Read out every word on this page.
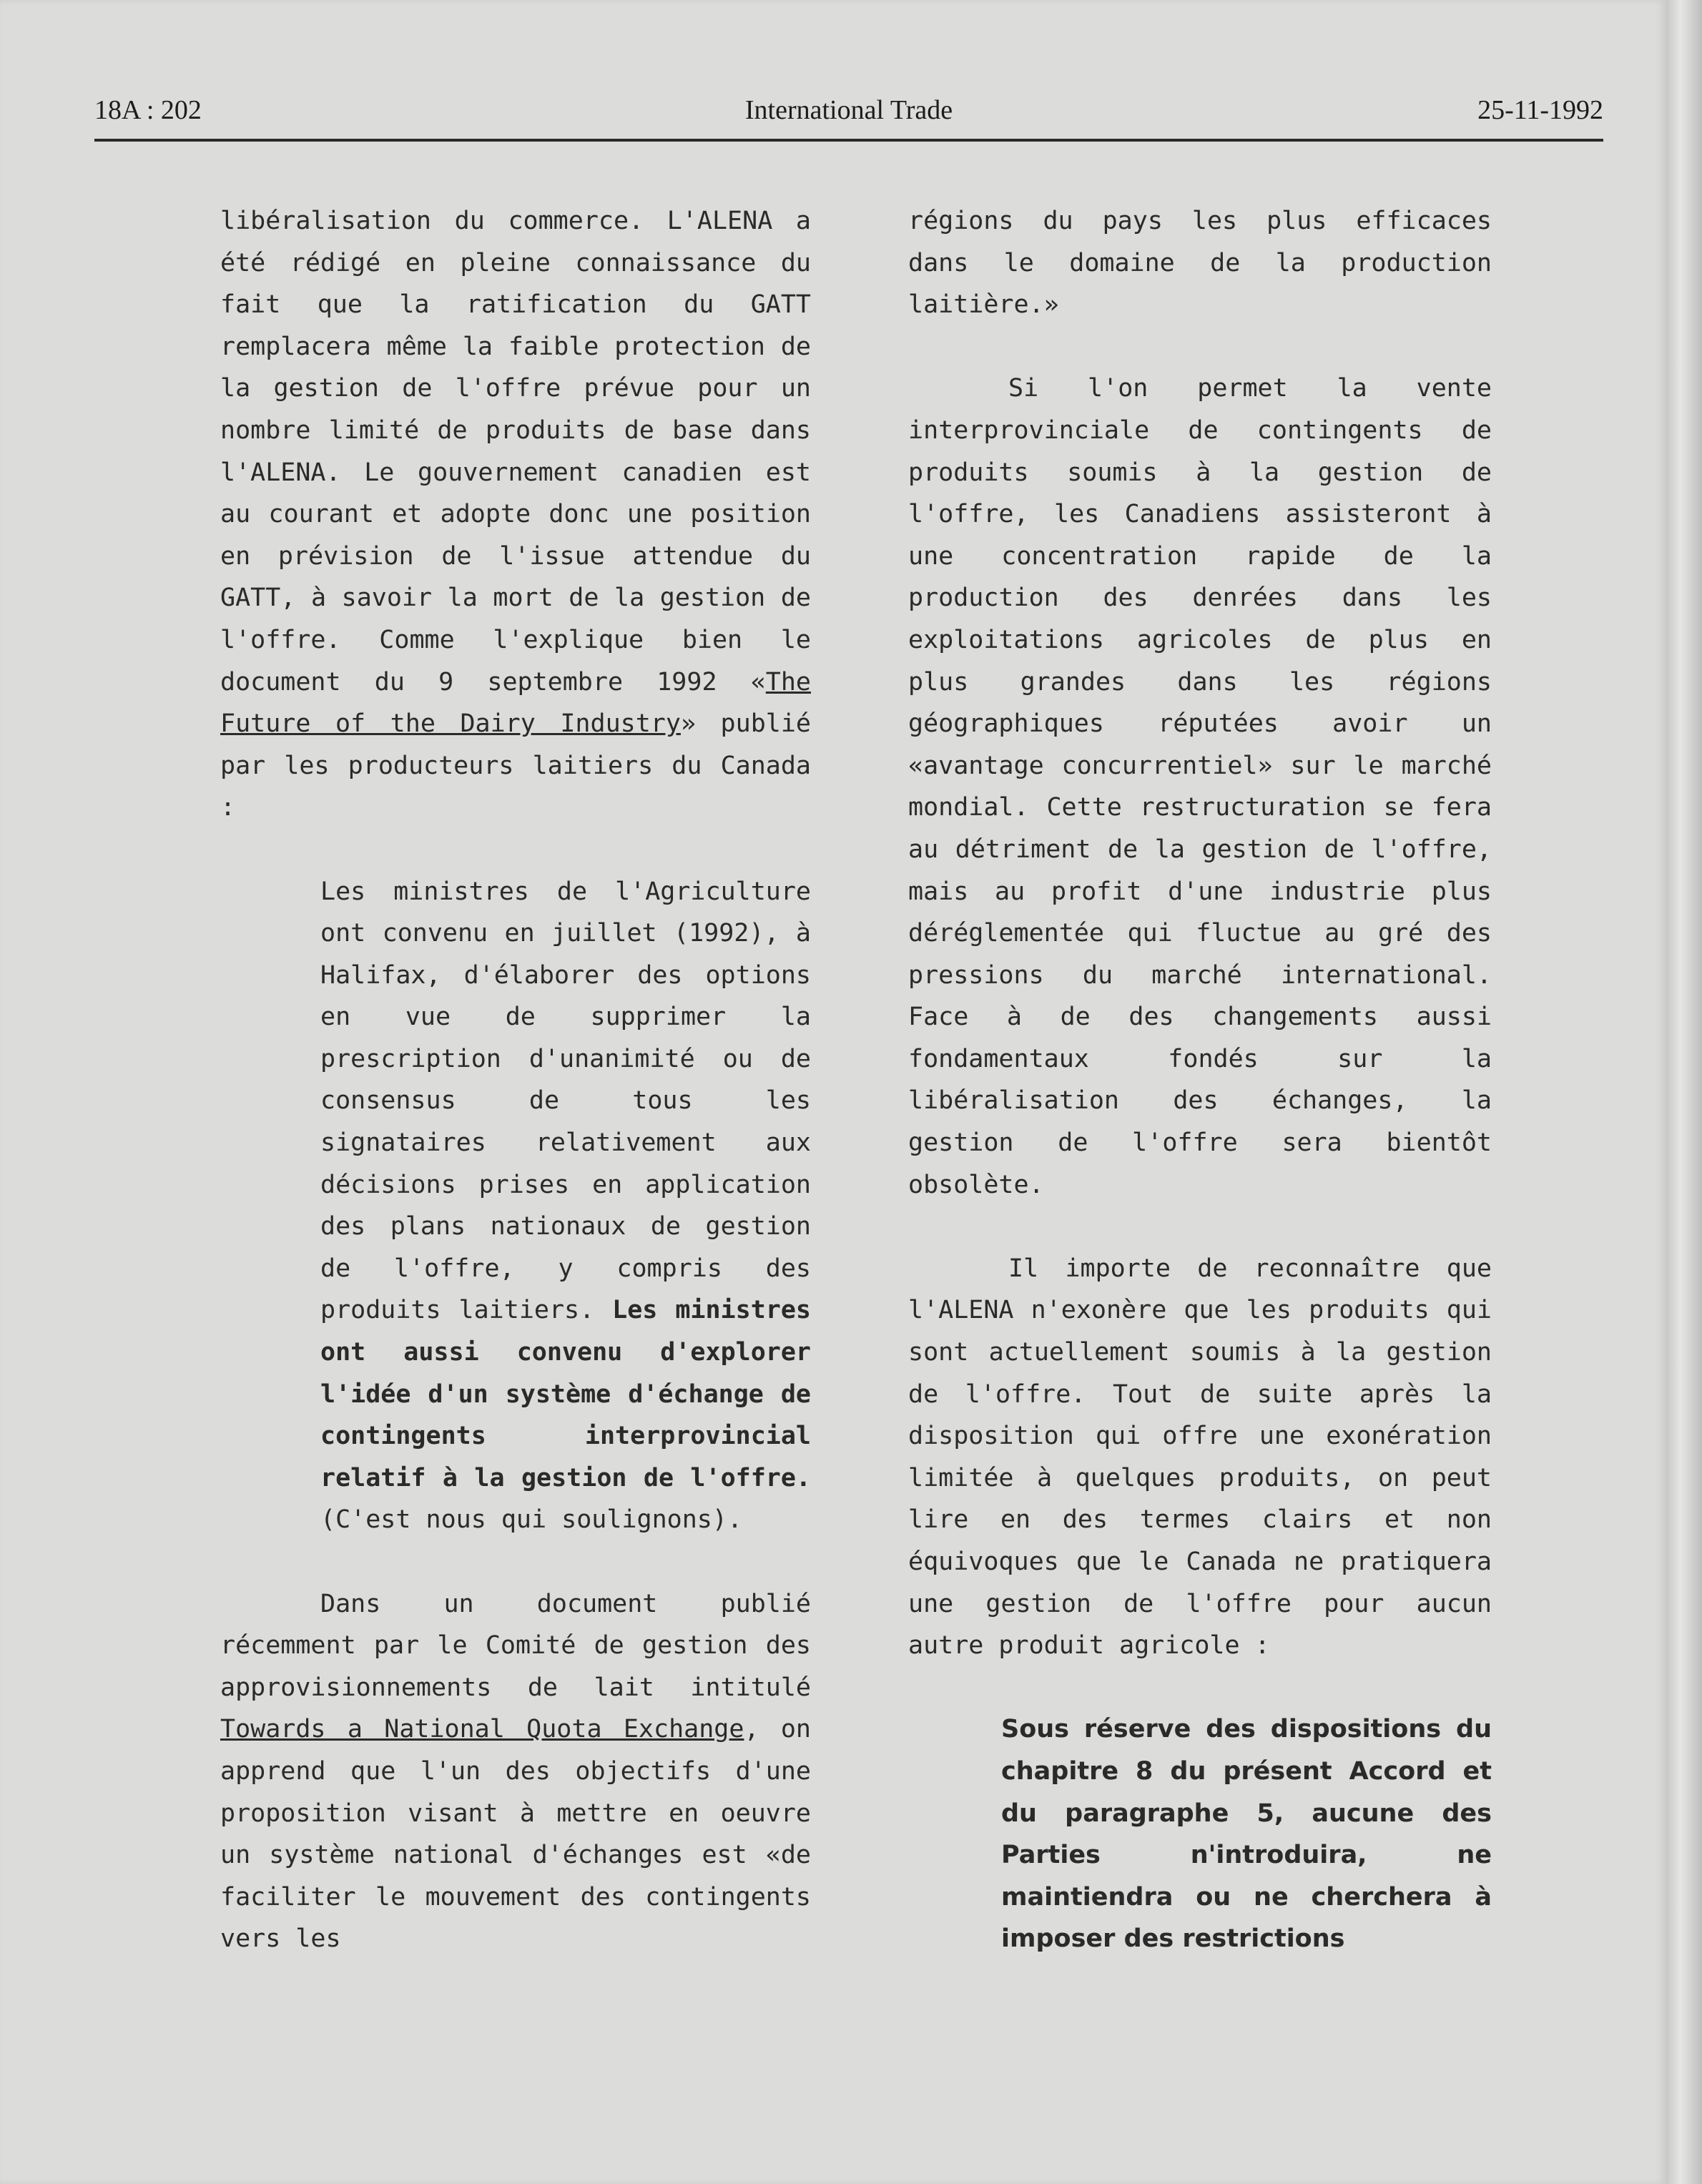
18A : 202	International Trade	25-11-1992

libéralisation du commerce. L'ALENA a été rédigé en pleine connaissance du fait que la ratification du GATT remplacera même la faible protection de la gestion de l'offre prévue pour un nombre limité de produits de base dans l'ALENA. Le gouvernement canadien est au courant et adopte donc une position en prévision de l'issue attendue du GATT, à savoir la mort de la gestion de l'offre. Comme l'explique bien le document du 9 septembre 1992 «The Future of the Dairy Industry» publié par les producteurs laitiers du Canada :

Les ministres de l'Agriculture ont convenu en juillet (1992), à Halifax, d'élaborer des options en vue de supprimer la prescription d'unanimité ou de consensus de tous les signataires relativement aux décisions prises en application des plans nationaux de gestion de l'offre, y compris des produits laitiers. Les ministres ont aussi convenu d'explorer l'idée d'un système d'échange de contingents interprovincial relatif à la gestion de l'offre. (C'est nous qui soulignons).

Dans un document publié récemment par le Comité de gestion des approvisionnements de lait intitulé Towards a National Quota Exchange, on apprend que l'un des objectifs d'une proposition visant à mettre en oeuvre un système national d'échanges est «de faciliter le mouvement des contingents vers les

régions du pays les plus efficaces dans le domaine de la production laitière.»

Si l'on permet la vente interprovinciale de contingents de produits soumis à la gestion de l'offre, les Canadiens assisteront à une concentration rapide de la production des denrées dans les exploitations agricoles de plus en plus grandes dans les régions géographiques réputées avoir un «avantage concurrentiel» sur le marché mondial. Cette restructuration se fera au détriment de la gestion de l'offre, mais au profit d'une industrie plus déréglementée qui fluctue au gré des pressions du marché international. Face à de des changements aussi fondamentaux fondés sur la libéralisation des échanges, la gestion de l'offre sera bientôt obsolète.

Il importe de reconnaître que l'ALENA n'exonère que les produits qui sont actuellement soumis à la gestion de l'offre. Tout de suite après la disposition qui offre une exonération limitée à quelques produits, on peut lire en des termes clairs et non équivoques que le Canada ne pratiquera une gestion de l'offre pour aucun autre produit agricole :

Sous réserve des dispositions du chapitre 8 du présent Accord et du paragraphe 5, aucune des Parties n'introduira, ne maintiendra ou ne cherchera à imposer des restrictions
